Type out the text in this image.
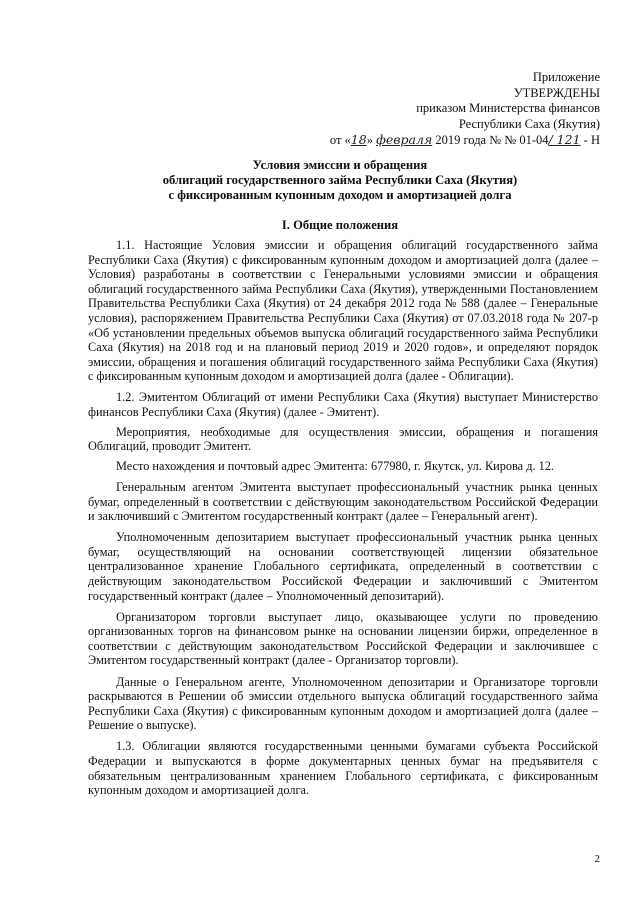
Приложение
УТВЕРЖДЕНЫ
приказом Министерства финансов
Республики Саха (Якутия)
от «18» февраля 2019 года № № 01-04/ 121 - Н
Условия эмиссии и обращения
облигаций государственного займа Республики Саха (Якутия)
с фиксированным купонным доходом и амортизацией долга
I. Общие положения

1.1. Настоящие Условия эмиссии и обращения облигаций государственного займа Республики Саха (Якутия) с фиксированным купонным доходом и амортизацией долга (далее – Условия) разработаны в соответствии с Генеральными условиями эмиссии и обращения облигаций государственного займа Республики Саха (Якутия), утвержденными Постановлением Правительства Республики Саха (Якутия) от 24 декабря 2012 года № 588 (далее – Генеральные условия), распоряжением Правительства Республики Саха (Якутия) от 07.03.2018 года № 207-р «Об установлении предельных объемов выпуска облигаций государственного займа Республики Саха (Якутия) на 2018 год и на плановый период 2019 и 2020 годов», и определяют порядок эмиссии, обращения и погашения облигаций государственного займа Республики Саха (Якутия) с фиксированным купонным доходом и амортизацией долга (далее - Облигации).

1.2. Эмитентом Облигаций от имени Республики Саха (Якутия) выступает Министерство финансов Республики Саха (Якутия) (далее - Эмитент).

Мероприятия, необходимые для осуществления эмиссии, обращения и погашения Облигаций, проводит Эмитент.

Место нахождения и почтовый адрес Эмитента: 677980, г. Якутск, ул. Кирова д. 12.

Генеральным агентом Эмитента выступает профессиональный участник рынка ценных бумаг, определенный в соответствии с действующим законодательством Российской Федерации и заключивший с Эмитентом государственный контракт (далее – Генеральный агент).

Уполномоченным депозитарием выступает профессиональный участник рынка ценных бумаг, осуществляющий на основании соответствующей лицензии обязательное централизованное хранение Глобального сертификата, определенный в соответствии с действующим законодательством Российской Федерации и заключивший с Эмитентом государственный контракт (далее – Уполномоченный депозитарий).

Организатором торговли выступает лицо, оказывающее услуги по проведению организованных торгов на финансовом рынке на основании лицензии биржи, определенное в соответствии с действующим законодательством Российской Федерации и заключившее с Эмитентом государственный контракт (далее - Организатор торговли).

Данные о Генеральном агенте, Уполномоченном депозитарии и Организаторе торговли раскрываются в Решении об эмиссии отдельного выпуска облигаций государственного займа Республики Саха (Якутия) с фиксированным купонным доходом и амортизацией долга (далее – Решение о выпуске).

1.3. Облигации являются государственными ценными бумагами субъекта Российской Федерации и выпускаются в форме документарных ценных бумаг на предъявителя с обязательным централизованным хранением Глобального сертификата, с фиксированным купонным доходом и амортизацией долга.

2
